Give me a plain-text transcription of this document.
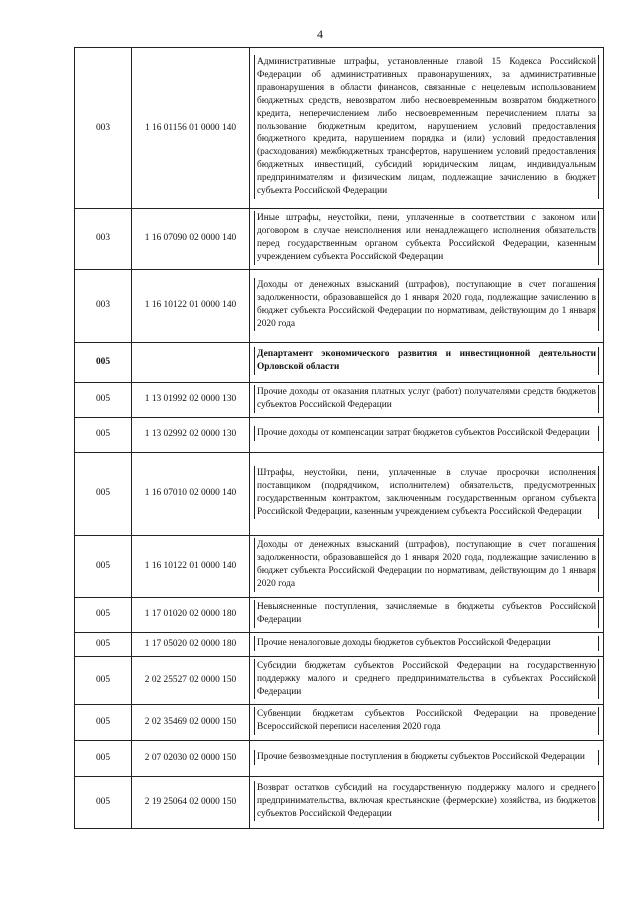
4
003	1 16 01156 01 0000 140	Административные штрафы, установленные главой 15 Кодекса Российской Федерации об административных правонарушениях, за административные правонарушения в области финансов, связанные с нецелевым использованием бюджетных средств, невозвратом либо несвоевременным возвратом бюджетного кредита, неперечислением либо несвоевременным перечислением платы за пользование бюджетным кредитом, нарушением условий предоставления бюджетного кредита, нарушением порядка и (или) условий предоставления (расходования) межбюджетных трансфертов, нарушением условий предоставления бюджетных инвестиций, субсидий юридическим лицам, индивидуальным предпринимателям и физическим лицам, подлежащие зачислению в бюджет субъекта Российской Федерации

003	1 16 07090 02 0000 140	Иные штрафы, неустойки, пени, уплаченные в соответствии с законом или договором в случае неисполнения или ненадлежащего исполнения обязательств перед государственным органом субъекта Российской Федерации, казенным учреждением субъекта Российской Федерации

003	1 16 10122 01 0000 140	Доходы от денежных взысканий (штрафов), поступающие в счет погашения задолженности, образовавшейся до 1 января 2020 года, подлежащие зачислению в бюджет субъекта Российской Федерации по нормативам, действующим до 1 января 2020 года

005		Департамент экономического развития и инвестиционной деятельности Орловской области

005	1 13 01992 02 0000 130	Прочие доходы от оказания платных услуг (работ) получателями средств бюджетов субъектов Российской Федерации

005	1 13 02992 02 0000 130	Прочие доходы от компенсации затрат бюджетов субъектов Российской Федерации

005	1 16 07010 02 0000 140	Штрафы, неустойки, пени, уплаченные в случае просрочки исполнения поставщиком (подрядчиком, исполнителем) обязательств, предусмотренных государственным контрактом, заключенным государственным органом субъекта Российской Федерации, казенным учреждением субъекта Российской Федерации

005	1 16 10122 01 0000 140	Доходы от денежных взысканий (штрафов), поступающие в счет погашения задолженности, образовавшейся до 1 января 2020 года, подлежащие зачислению в бюджет субъекта Российской Федерации по нормативам, действующим до 1 января 2020 года

005	1 17 01020 02 0000 180	Невыясненные поступления, зачисляемые в бюджеты субъектов Российской Федерации

005	1 17 05020 02 0000 180	Прочие неналоговые доходы бюджетов субъектов Российской Федерации

005	2 02 25527 02 0000 150	Субсидии бюджетам субъектов Российской Федерации на государственную поддержку малого и среднего предпринимательства в субъектах Российской Федерации

005	2 02 35469 02 0000 150	Субвенции бюджетам субъектов Российской Федерации на проведение Всероссийской переписи населения 2020 года

005	2 07 02030 02 0000 150	Прочие безвозмездные поступления в бюджеты субъектов Российской Федерации

005	2 19 25064 02 0000 150	Возврат остатков субсидий на государственную поддержку малого и среднего предпринимательства, включая крестьянские (фермерские) хозяйства, из бюджетов субъектов Российской Федерации
